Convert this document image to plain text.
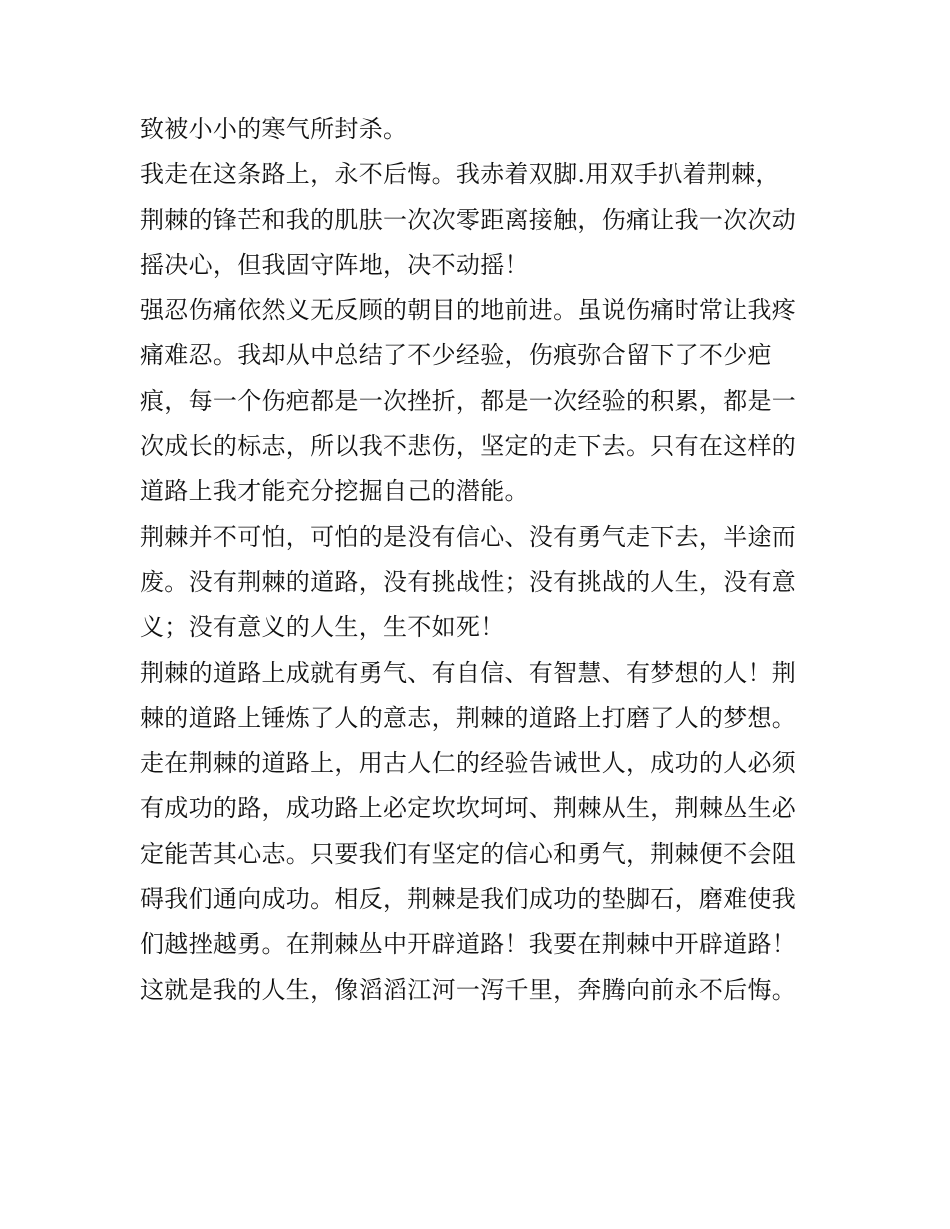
致被小小的寒气所封杀。
我走在这条路上，永不后悔。我赤着双脚.用双手扒着荆棘，
荆棘的锋芒和我的肌肤一次次零距离接触，伤痛让我一次次动
摇决心，但我固守阵地，决不动摇！
强忍伤痛依然义无反顾的朝目的地前进。虽说伤痛时常让我疼
痛难忍。我却从中总结了不少经验，伤痕弥合留下了不少疤
痕，每一个伤疤都是一次挫折，都是一次经验的积累，都是一
次成长的标志，所以我不悲伤，坚定的走下去。只有在这样的
道路上我才能充分挖掘自己的潜能。
荆棘并不可怕，可怕的是没有信心、没有勇气走下去，半途而
废。没有荆棘的道路，没有挑战性；没有挑战的人生，没有意
义；没有意义的人生，生不如死！
荆棘的道路上成就有勇气、有自信、有智慧、有梦想的人！荆
棘的道路上锤炼了人的意志，荆棘的道路上打磨了人的梦想。
走在荆棘的道路上，用古人仁的经验告诫世人，成功的人必须
有成功的路，成功路上必定坎坎坷坷、荆棘从生，荆棘丛生必
定能苦其心志。只要我们有坚定的信心和勇气，荆棘便不会阻
碍我们通向成功。相反，荆棘是我们成功的垫脚石，磨难使我
们越挫越勇。在荆棘丛中开辟道路！我要在荆棘中开辟道路！
这就是我的人生，像滔滔江河一泻千里，奔腾向前永不后悔。
